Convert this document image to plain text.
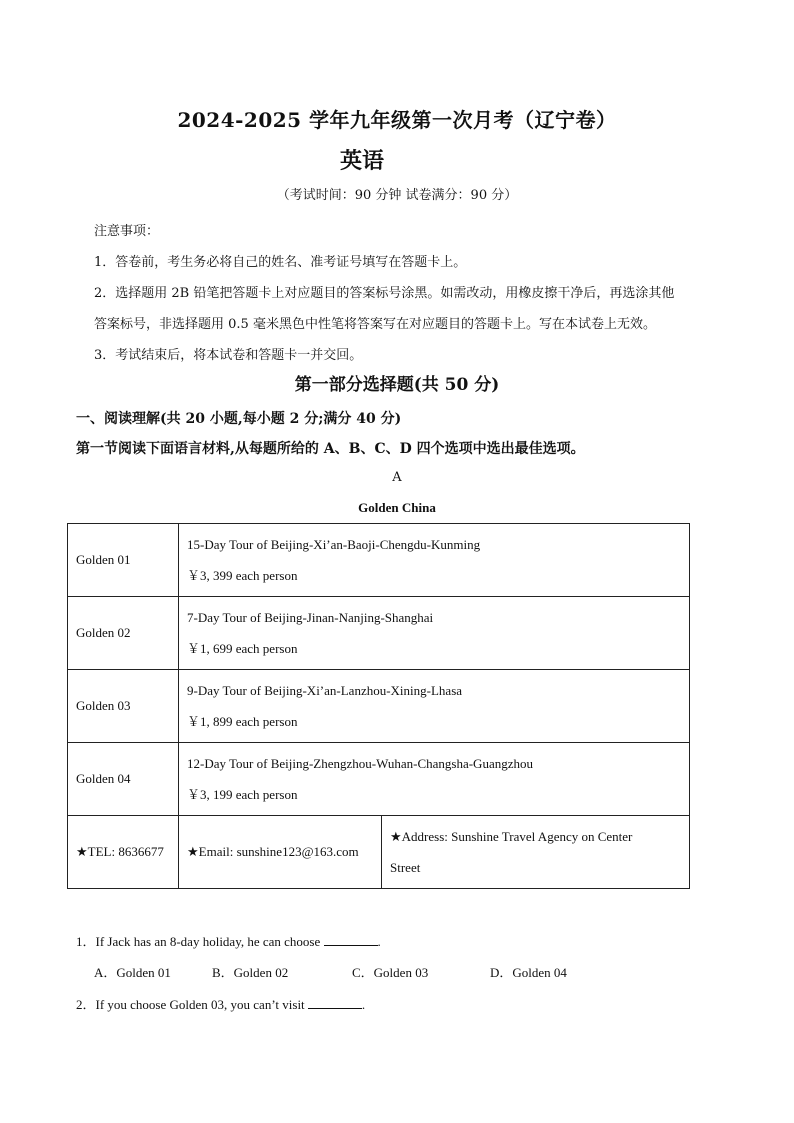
2024-2025 学年九年级第一次月考（辽宁卷）
英语
（考试时间：90 分钟 试卷满分：90 分）

注意事项：

1．答卷前，考生务必将自己的姓名、准考证号填写在答题卡上。

2．选择题用 2B 铅笔把答题卡上对应题目的答案标号涂黑。如需改动，用橡皮擦干净后，再选涂其他

答案标号，非选择题用 0.5 毫米黑色中性笔将答案写在对应题目的答题卡上。写在本试卷上无效。

3．考试结束后，将本试卷和答题卡一并交回。

第一部分选择题(共 50 分)
一、阅读理解(共 20 小题,每小题 2 分;满分 40 分)
第一节阅读下面语言材料,从每题所给的 A、B、C、D 四个选项中选出最佳选项。
A
Golden China
Golden 01	15-Day Tour of Beijing-Xi’an-Baoji-Chengdu-Kunming
￥3, 399 each person	

Golden 02	7-Day Tour of Beijing-Jinan-Nanjing-Shanghai
￥1, 699 each person	

Golden 03	9-Day Tour of Beijing-Xi’an-Lanzhou-Xining-Lhasa
￥1, 899 each person	

Golden 04	12-Day Tour of Beijing-Zhengzhou-Wuhan-Changsha-Guangzhou
￥3, 199 each person	

★TEL: 8636677	★Email: sunshine123@163.com	★Address: Sunshine Travel Agency on Center
Street
1．If Jack has an 8-day holiday, he can choose	.
A．Golden 01	B．Golden 02	C．Golden 03	D．Golden 04
2．If you choose Golden 03, you can’t visit	.
